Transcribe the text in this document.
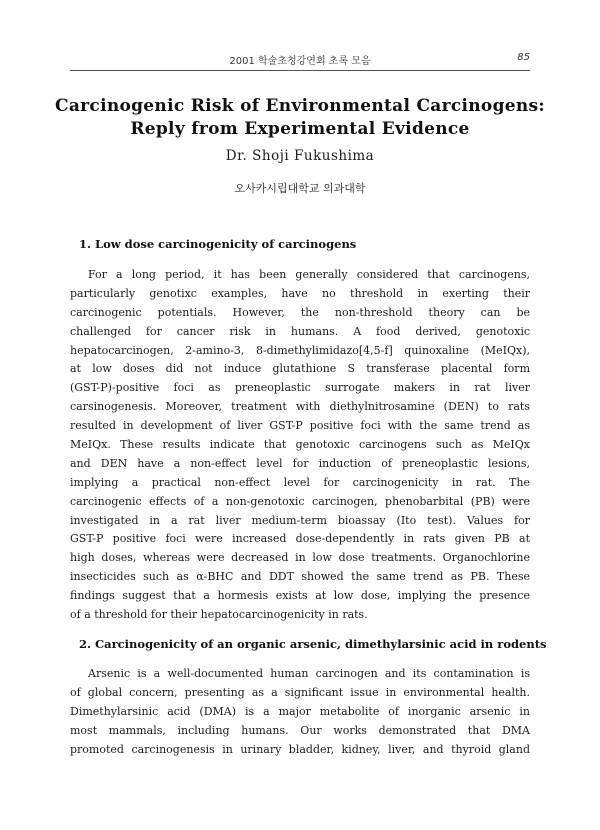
2001 학술초청강연회 초록 모음	85
Carcinogenic Risk of Environmental Carcinogens:
Reply from Experimental Evidence
Dr. Shoji Fukushima
오사카시립대학교 의과대학
1. Low dose carcinogenicity of carcinogens
For a long period, it has been generally considered that carcinogens,
particularly genotixc examples, have no threshold in exerting their
carcinogenic potentials. However, the non-threshold theory can be
challenged for cancer risk in humans. A food derived, genotoxic
hepatocarcinogen, 2-amino-3, 8-dimethylimidazo[4,5-f] quinoxaline (MeIQx),
at low doses did not induce glutathione S transferase placental form
(GST-P)-positive foci as preneoplastic surrogate makers in rat liver
carsinogenesis. Moreover, treatment with diethylnitrosamine (DEN) to rats
resulted in development of liver GST-P positive foci with the same trend as
MeIQx. These results indicate that genotoxic carcinogens such as MeIQx
and DEN have a non-effect level for induction of preneoplastic lesions,
implying a practical non-effect level for carcinogenicity in rat. The
carcinogenic effects of a non-genotoxic carcinogen, phenobarbital (PB) were
investigated in a rat liver medium-term bioassay (Ito test). Values for
GST-P positive foci were increased dose-dependently in rats given PB at
high doses, whereas were decreased in low dose treatments. Organochlorine
insecticides such as α-BHC and DDT showed the same trend as PB. These
findings suggest that a hormesis exists at low dose, implying the presence
of a threshold for their hepatocarcinogenicity in rats.
2. Carcinogenicity of an organic arsenic, dimethylarsinic acid in rodents
Arsenic is a well-documented human carcinogen and its contamination is
of global concern, presenting as a significant issue in environmental health.
Dimethylarsinic acid (DMA) is a major metabolite of inorganic arsenic in
most mammals, including humans. Our works demonstrated that DMA
promoted carcinogenesis in urinary bladder, kidney, liver, and thyroid gland
